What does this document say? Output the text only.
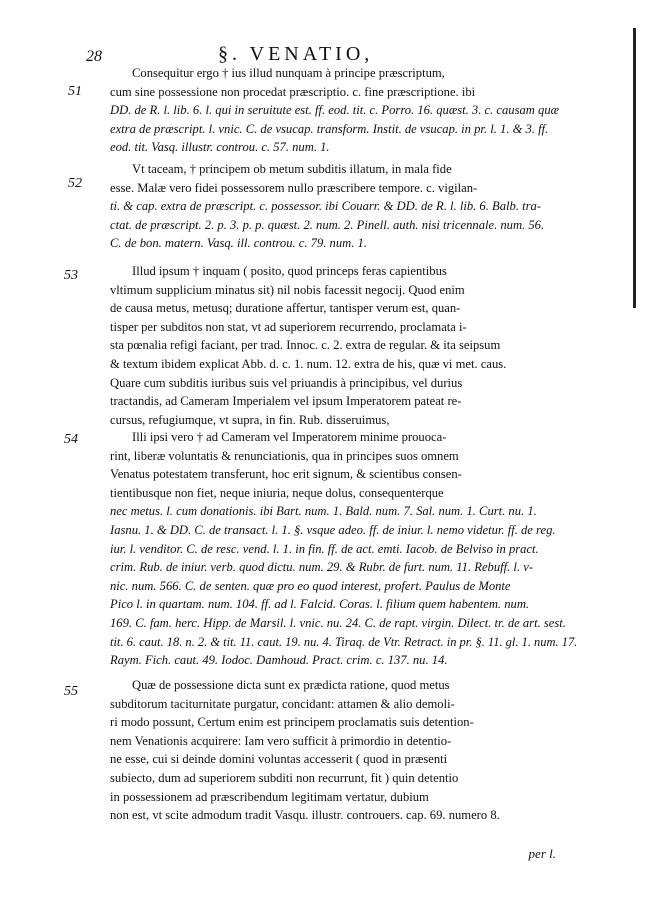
28	§. VENATIO,
51
Consequitur ergo † ius illud nunquam à principe præscriptum,
cum sine possessione non procedat præscriptio. c. fine præscriptione. ibi
DD. de R. l. lib. 6. l. qui in seruitute est. ff. eod. tit. c. Porro. 16. quæst. 3. c. causam quæ
extra de præscript. l. vnic. C. de vsucap. transform. Instit. de vsucap. in pr. l. 1. & 3. ff.
eod. tit. Vasq. illustr. controu. c. 57. num. 1.
52
Vt taceam, † principem ob metum subditis illatum, in mala fide
esse. Malæ vero fidei possessorem nullo præscribere tempore. c. vigilan-
ti. & cap. extra de præscript. c. possessor. ibi Couarr. & DD. de R. l. lib. 6. Balb. tra-
ctat. de præscript. 2. p. 3. p. p. quæst. 2. num. 2. Pinell. auth. nisi tricennale. num. 56.
C. de bon. matern. Vasq. ill. controu. c. 79. num. 1.
53	Illud ipsum † inquam ( posito, quod princeps feras capientibus
vltimum supplicium minatus sit) nil nobis facessit negocij. Quod enim
de causa metus, metusq; duratione affertur, tantisper verum est, quan-
tisper per subditos non stat, vt ad superiorem recurrendo, proclamata i-
sta pœnalia refigi faciant, per trad. Innoc. c. 2. extra de regular. & ita seipsum
& textum ibidem explicat Abb. d. c. 1. num. 12. extra de his, quæ vi met. caus.
Quare cum subditis iuribus suis vel priuandis à principibus, vel durius
tractandis, ad Cameram Imperialem vel ipsum Imperatorem pateat re-
cursus, refugiumque, vt supra, in fin. Rub. disseruimus,
54	Illi ipsi vero † ad Cameram vel Imperatorem minime prouoca-
rint, liberæ voluntatis & renunciationis, qua in principes suos omnem
Venatus potestatem transferunt, hoc erit signum, & scientibus consen-
tientibusque non fiet, neque iniuria, neque dolus, consequenterque
nec metus. l. cum donationis. ibi Bart. num. 1. Bald. num. 7. Sal. num. 1. Curt. nu. 1.
Iasnu. 1. & DD. C. de transact. l. 1. §. vsque adeo. ff. de iniur. l. nemo videtur. ff. de reg.
iur. l. venditor. C. de resc. vend. l. 1. in fin. ff. de act. emti. Iacob. de Belviso in pract.
crim. Rub. de iniur. verb. quod dictu. num. 29. & Rubr. de furt. num. 11. Rebuff. l. v-
nic. num. 566. C. de senten. quæ pro eo quod interest, profert. Paulus de Monte
Pico l. in quartam. num. 104. ff. ad l. Falcid. Coras. l. filium quem habentem. num.
169. C. fam. herc. Hipp. de Marsil. l. vnic. nu. 24. C. de rapt. virgin. Dilect. tr. de art. sest.
tit. 6. caut. 18. n. 2. & tit. 11. caut. 19. nu. 4. Tiraq. de Vtr. Retract. in pr. §. 11. gl. 1. num. 17.
Raym. Fich. caut. 49. Iodoc. Damhoud. Pract. crim. c. 137. nu. 14.
55	Quæ de possessione dicta sunt ex prædicta ratione, quod metus
subditorum taciturnitate purgatur, concidant: attamen & alio demoli-
ri modo possunt, Certum enim est principem proclamatis suis detention-
nem Venationis acquirere: Iam vero sufficit à primordio in detentio-
ne esse, cui si deinde domini voluntas accesserit ( quod in præsenti
subiecto, dum ad superiorem subditi non recurrunt, fit ) quin detentio
in possessionem ad præscribendum legitimam vertatur, dubium
non est, vt scite admodum tradit Vasqu. illustr. controuers. cap. 69. numero 8.
per l.
